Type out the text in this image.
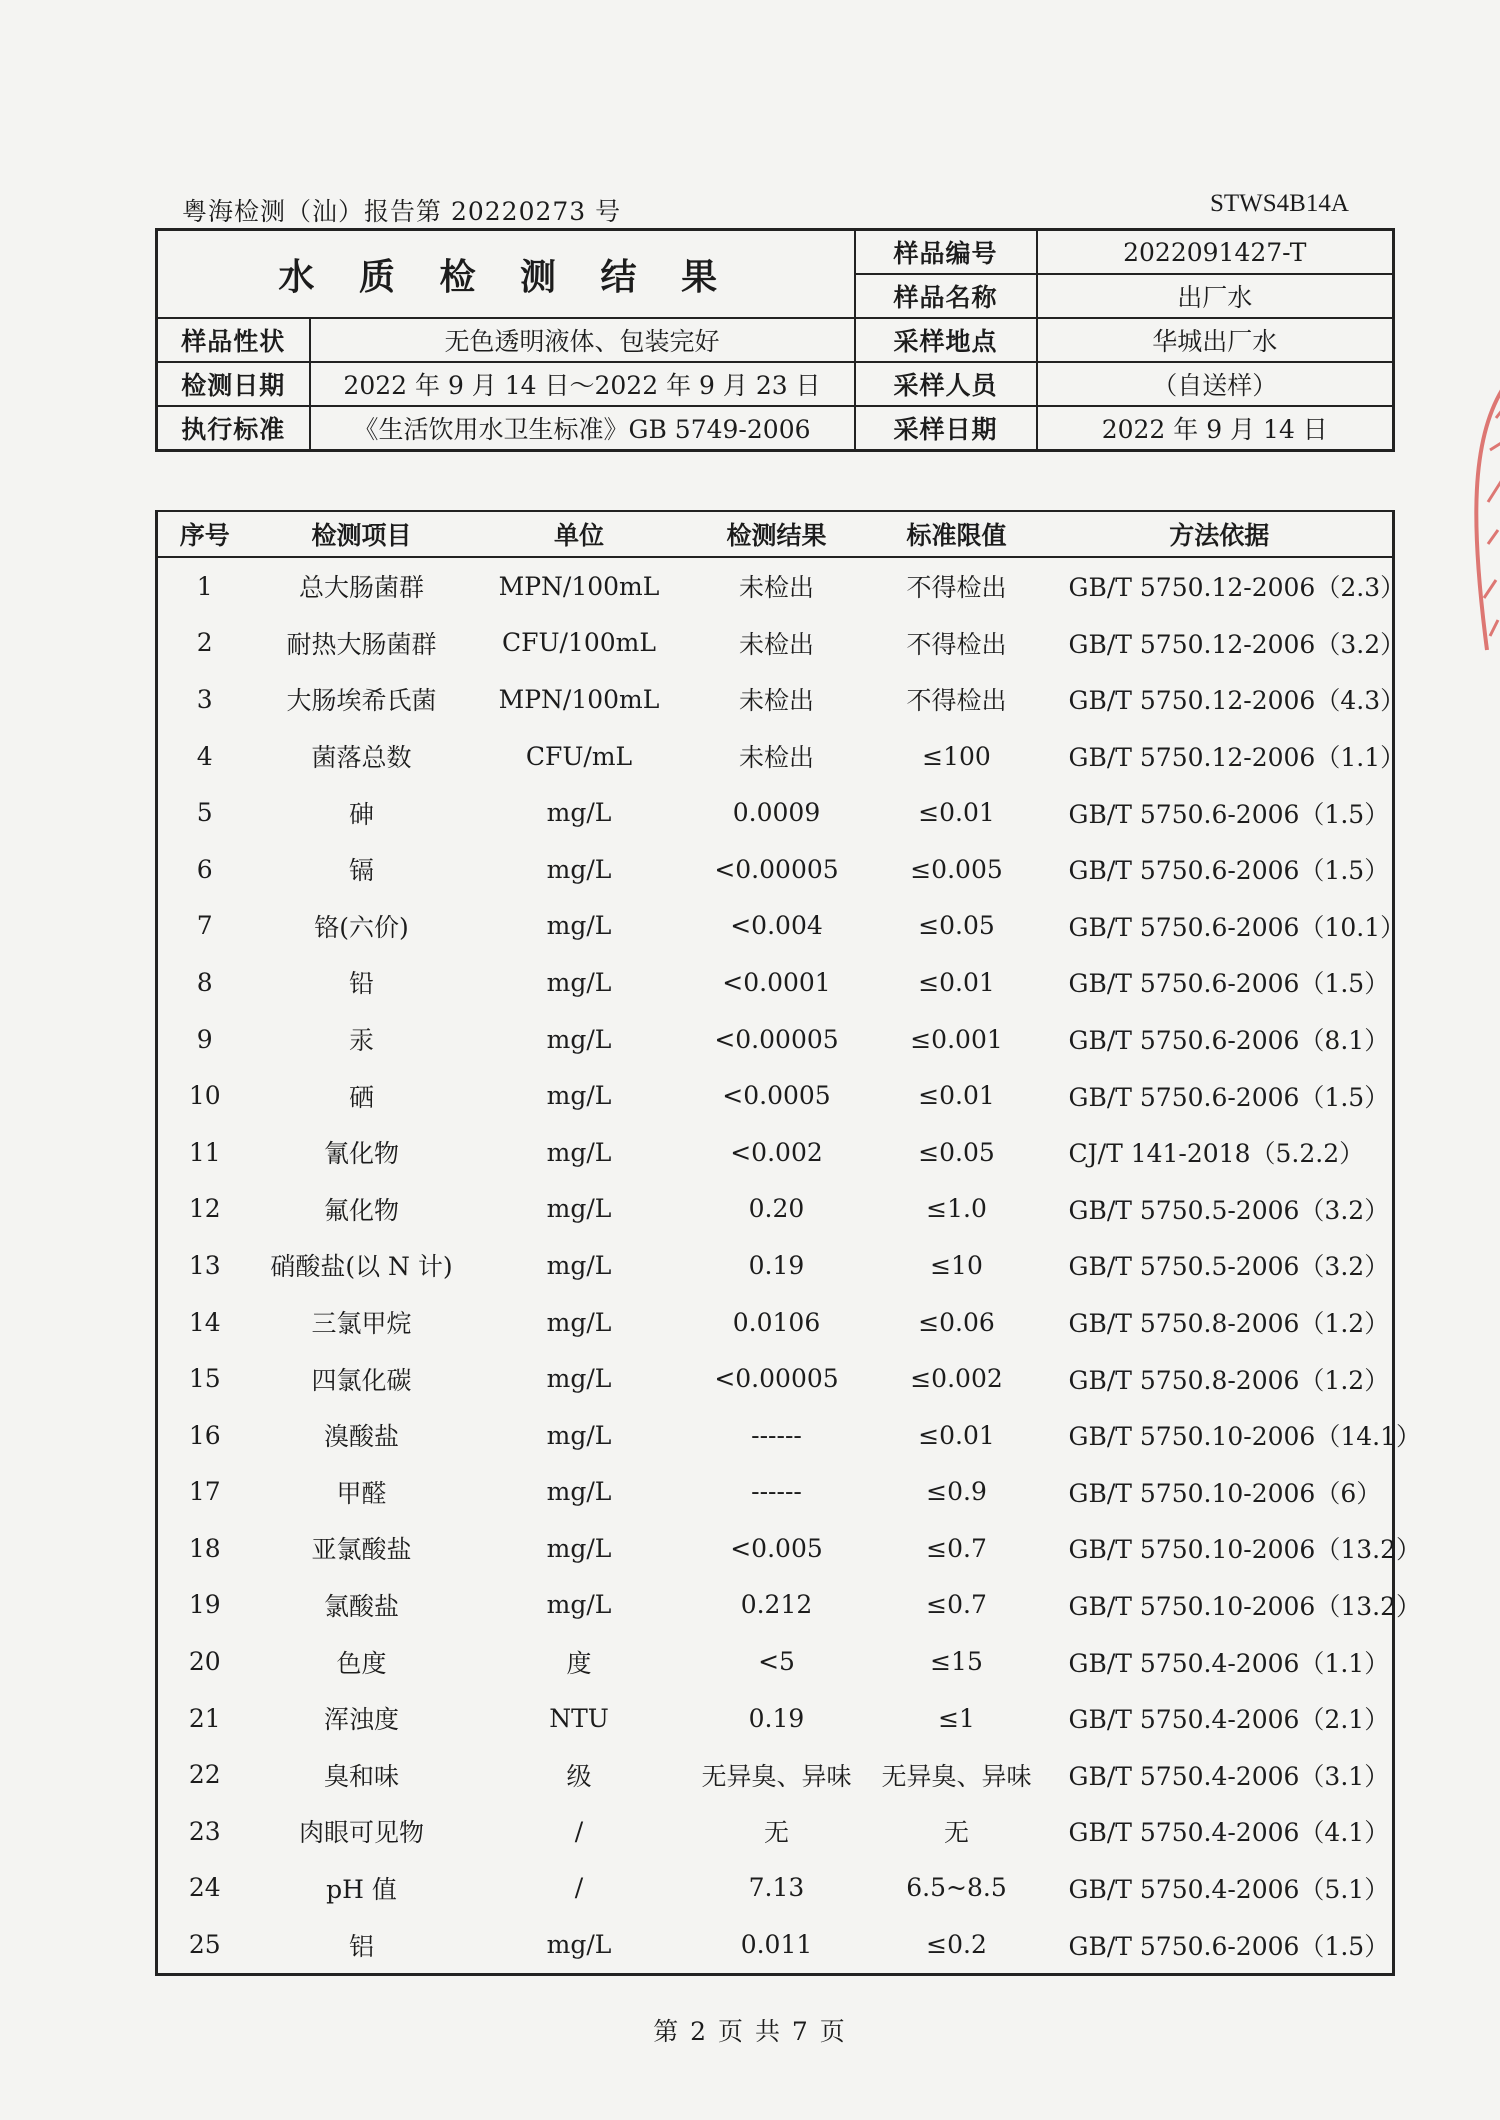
粤海检测（汕）报告第 20220273 号	STWS4B14A
水 质 检 测 结 果		样品编号	2022091427-T
		样品名称	出厂水
样品性状	无色透明液体、包装完好	采样地点	华城出厂水
检测日期	2022 年 9 月 14 日～2022 年 9 月 23 日	采样人员	（自送样）
执行标准	《生活饮用水卫生标准》GB 5749-2006	采样日期	2022 年 9 月 14 日
序号	检测项目	单位	检测结果	标准限值	方法依据
1	总大肠菌群	MPN/100mL	未检出	不得检出	GB/T 5750.12-2006（2.3）
2	耐热大肠菌群	CFU/100mL	未检出	不得检出	GB/T 5750.12-2006（3.2）
3	大肠埃希氏菌	MPN/100mL	未检出	不得检出	GB/T 5750.12-2006（4.3）
4	菌落总数	CFU/mL	未检出	≤100	GB/T 5750.12-2006（1.1）
5	砷	mg/L	0.0009	≤0.01	GB/T 5750.6-2006（1.5）
6	镉	mg/L	<0.00005	≤0.005	GB/T 5750.6-2006（1.5）
7	铬(六价)	mg/L	<0.004	≤0.05	GB/T 5750.6-2006（10.1）
8	铅	mg/L	<0.0001	≤0.01	GB/T 5750.6-2006（1.5）
9	汞	mg/L	<0.00005	≤0.001	GB/T 5750.6-2006（8.1）
10	硒	mg/L	<0.0005	≤0.01	GB/T 5750.6-2006（1.5）
11	氰化物	mg/L	<0.002	≤0.05	CJ/T 141-2018（5.2.2）
12	氟化物	mg/L	0.20	≤1.0	GB/T 5750.5-2006（3.2）
13	硝酸盐(以 N 计)	mg/L	0.19	≤10	GB/T 5750.5-2006（3.2）
14	三氯甲烷	mg/L	0.0106	≤0.06	GB/T 5750.8-2006（1.2）
15	四氯化碳	mg/L	<0.00005	≤0.002	GB/T 5750.8-2006（1.2）
16	溴酸盐	mg/L	------	≤0.01	GB/T 5750.10-2006（14.1）
17	甲醛	mg/L	------	≤0.9	GB/T 5750.10-2006（6）
18	亚氯酸盐	mg/L	<0.005	≤0.7	GB/T 5750.10-2006（13.2）
19	氯酸盐	mg/L	0.212	≤0.7	GB/T 5750.10-2006（13.2）
20	色度	度	<5	≤15	GB/T 5750.4-2006（1.1）
21	浑浊度	NTU	0.19	≤1	GB/T 5750.4-2006（2.1）
22	臭和味	级	无异臭、异味	无异臭、异味	GB/T 5750.4-2006（3.1）
23	肉眼可见物	/	无	无	GB/T 5750.4-2006（4.1）
24	pH 值	/	7.13	6.5~8.5	GB/T 5750.4-2006（5.1）
25	铝	mg/L	0.011	≤0.2	GB/T 5750.6-2006（1.5）
第 2 页 共 7 页
